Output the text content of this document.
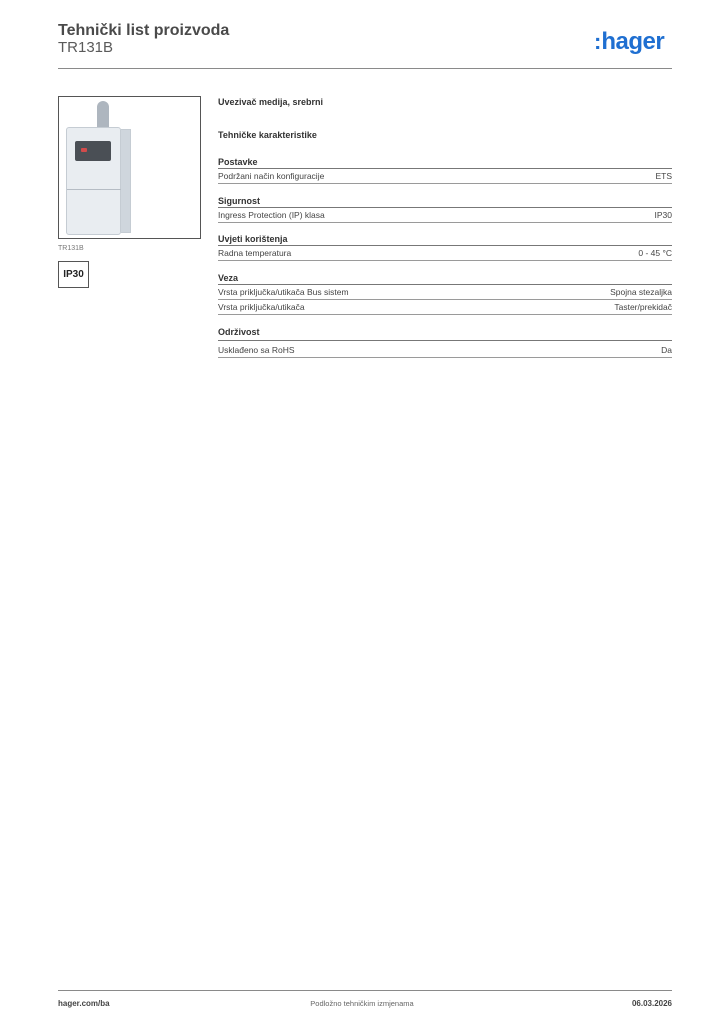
Tehnički list proizvoda
TR131B	:hager
TR131B
IP30
Uvezivač medija, srebrni
Tehničke karakteristike
Postavke
Podržani način konfiguracije	ETS
Sigurnost
Ingress Protection (IP) klasa	IP30
Uvjeti korištenja
Radna temperatura	0 - 45 °C
Veza
Vrsta priključka/utikača Bus sistem	Spojna stezaljka
Vrsta priključka/utikača	Taster/prekidač
Održivost
Usklađeno sa RoHS	Da
hager.com/ba	Podložno tehničkim izmjenama	06.03.2026
